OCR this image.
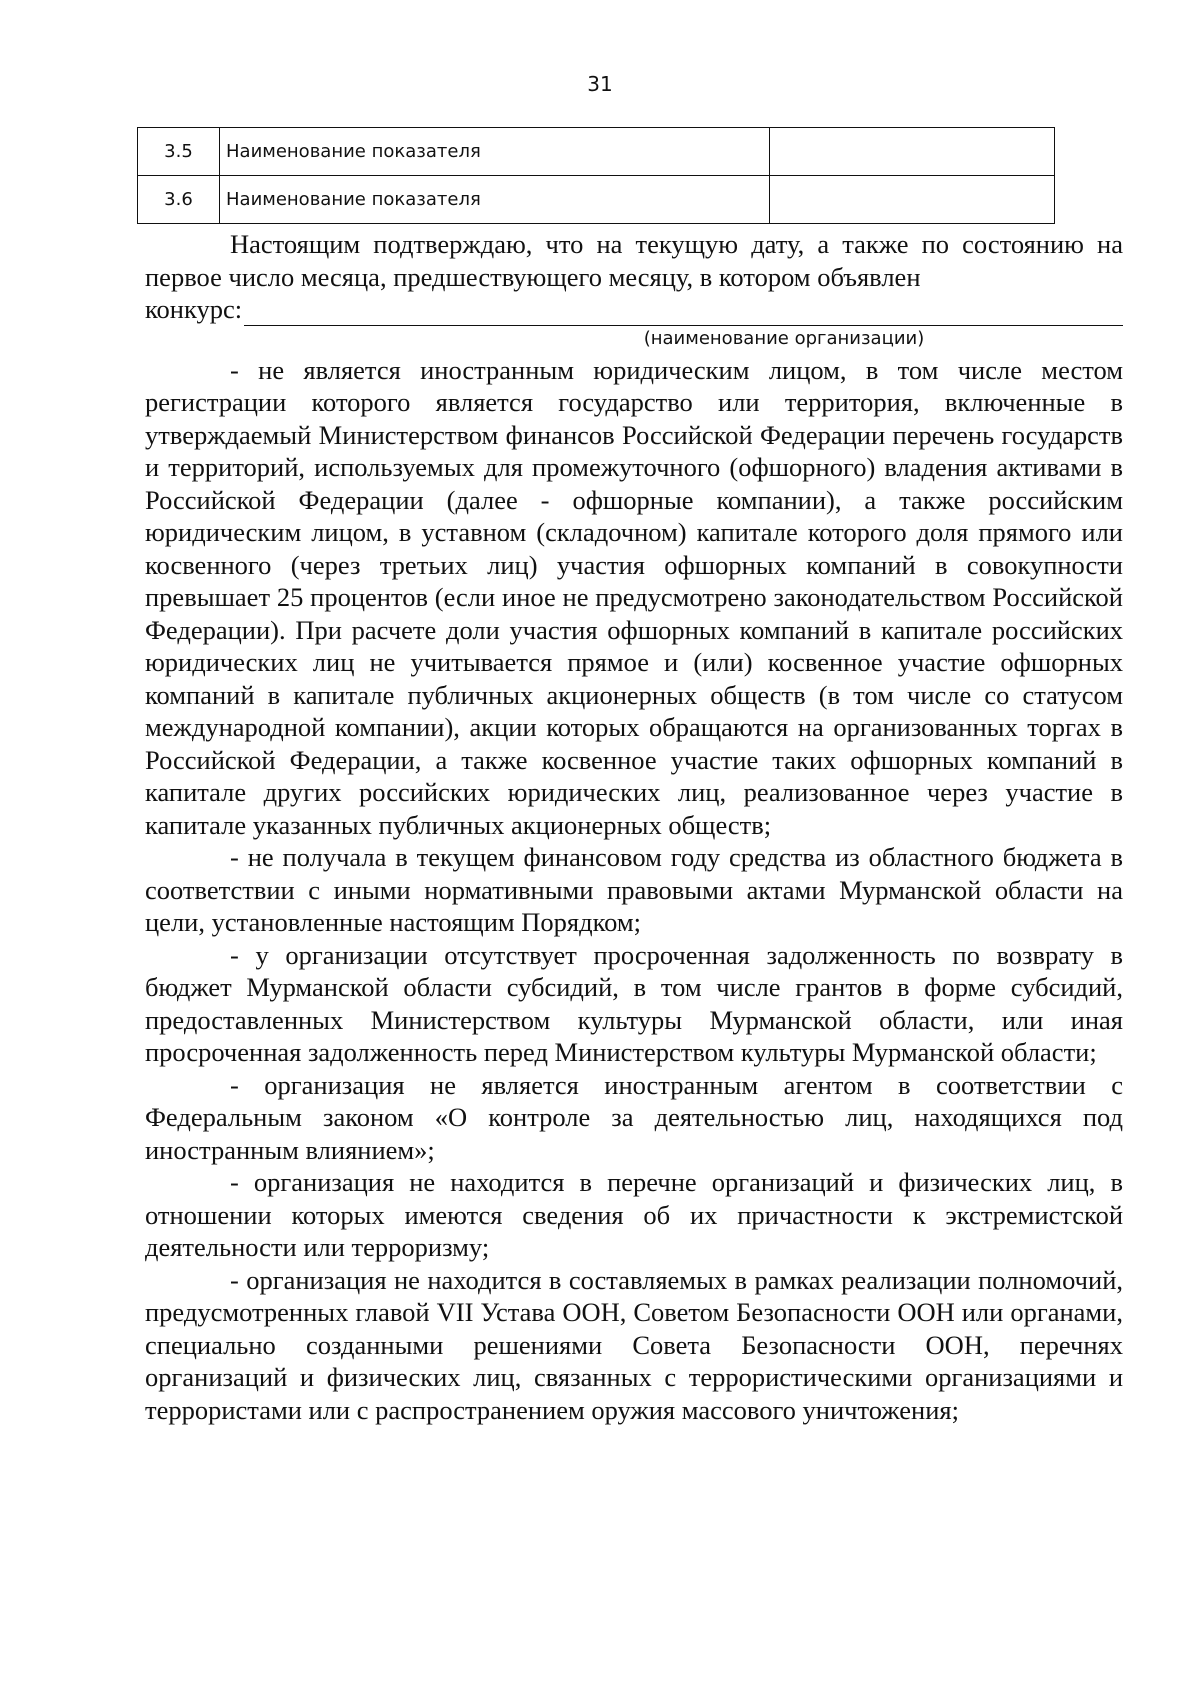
31
3.5	Наименование показателя	
3.6	Наименование показателя	

Настоящим подтверждаю, что на текущую дату, а также по состоянию на первое число месяца, предшествующего месяцу, в котором объявлен

конкурс:
(наименование организации)

- не является иностранным юридическим лицом, в том числе местом регистрации которого является государство или территория, включенные в утверждаемый Министерством финансов Российской Федерации перечень государств и территорий, используемых для промежуточного (офшорного) владения активами в Российской Федерации (далее - офшорные компании), а также российским юридическим лицом, в уставном (складочном) капитале которого доля прямого или косвенного (через третьих лиц) участия офшорных компаний в совокупности превышает 25 процентов (если иное не предусмотрено законодательством Российской Федерации). При расчете доли участия офшорных компаний в капитале российских юридических лиц не учитывается прямое и (или) косвенное участие офшорных компаний в капитале публичных акционерных обществ (в том числе со статусом международной компании), акции которых обращаются на организованных торгах в Российской Федерации, а также косвенное участие таких офшорных компаний в капитале других российских юридических лиц, реализованное через участие в капитале указанных публичных акционерных обществ;

- не получала в текущем финансовом году средства из областного бюджета в соответствии с иными нормативными правовыми актами Мурманской области на цели, установленные настоящим Порядком;

- у организации отсутствует просроченная задолженность по возврату в бюджет Мурманской области субсидий, в том числе грантов в форме субсидий, предоставленных Министерством культуры Мурманской области, или иная просроченная задолженность перед Министерством культуры Мурманской области;

- организация не является иностранным агентом в соответствии с Федеральным законом «О контроле за деятельностью лиц, находящихся под иностранным влиянием»;

- организация не находится в перечне организаций и физических лиц, в отношении которых имеются сведения об их причастности к экстремистской деятельности или терроризму;

- организация не находится в составляемых в рамках реализации полномочий, предусмотренных главой VII Устава ООН, Советом Безопасности ООН или органами, специально созданными решениями Совета Безопасности ООН, перечнях организаций и физических лиц, связанных с террористическими организациями и террористами или с распространением оружия массового уничтожения;
